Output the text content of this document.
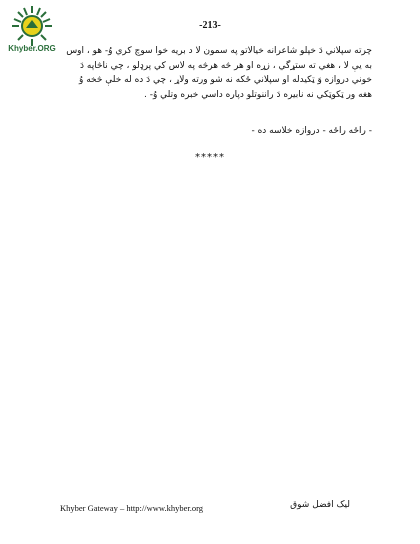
Khyber.ORG
-213-
چرته سپلاني دَ خپلو شاعرانه خيالاتو په سمون لا د بريه خوا سوچ کري وُ- هو ، اوس به يې لا ، هغي ته ستړگي ، زړه او هر څه هرڅه په لاس کي پرډلو ، چي ناڅاپه دَ خوني دروازه وَ ټکيدله او سپلاني ځکه نه شو ورته ولاړ ، چي دَ ده له خلې څخه وُ هغه ور ټکوټکي نه نابيره دَ راننوتلو دپاره داسي خبره وتلي وُ- .
- راځه راځه - دروازه خلاسه ده -
*****
Khyber Gateway – http://www.khyber.org	ليک افضل شوق
